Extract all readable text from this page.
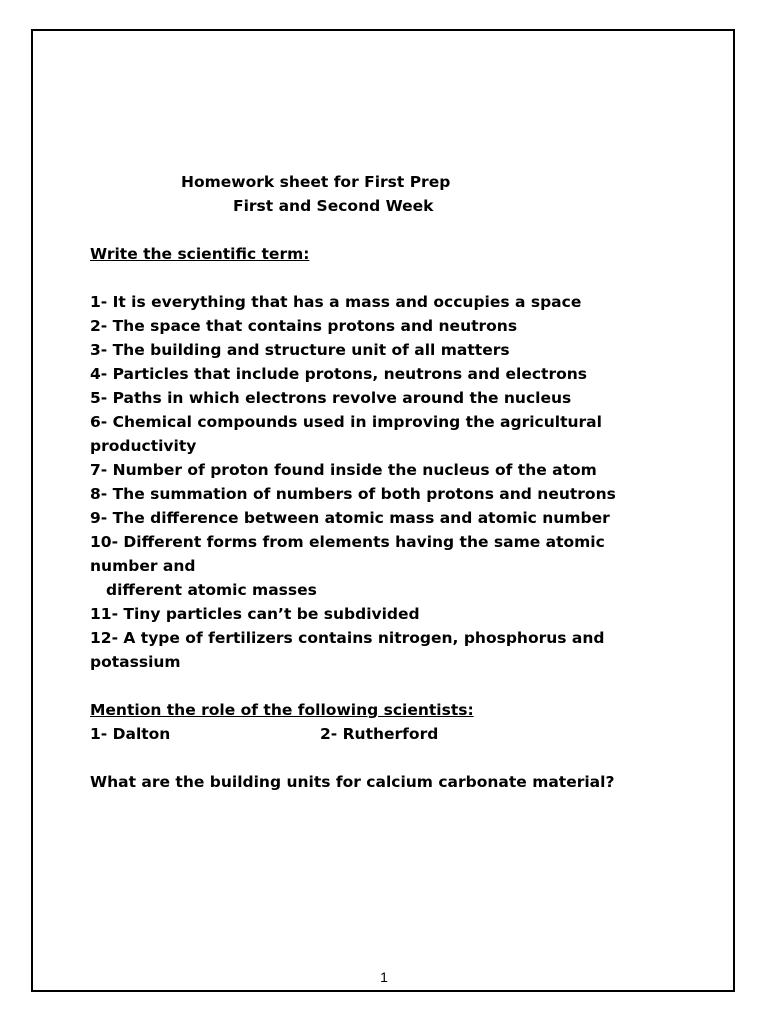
Homework sheet for First Prep
First and Second Week
Write the scientific term:
1- It is everything that has a mass and occupies a space
2- The space that contains protons and neutrons
3- The building and structure unit of all matters
4- Particles that include protons, neutrons and electrons
5- Paths in which electrons revolve around the nucleus
6- Chemical compounds used in improving the agricultural productivity
7- Number of proton found inside the nucleus of the atom
8- The summation of numbers of both protons and neutrons
9- The difference between atomic mass and atomic number
10- Different forms from elements having the same atomic number and
different atomic masses
11- Tiny particles can’t be subdivided
12- A type of fertilizers contains nitrogen, phosphorus and potassium
Mention the role of the following scientists:
1- Dalton	2- Rutherford
What are the building units for calcium carbonate material?
1
